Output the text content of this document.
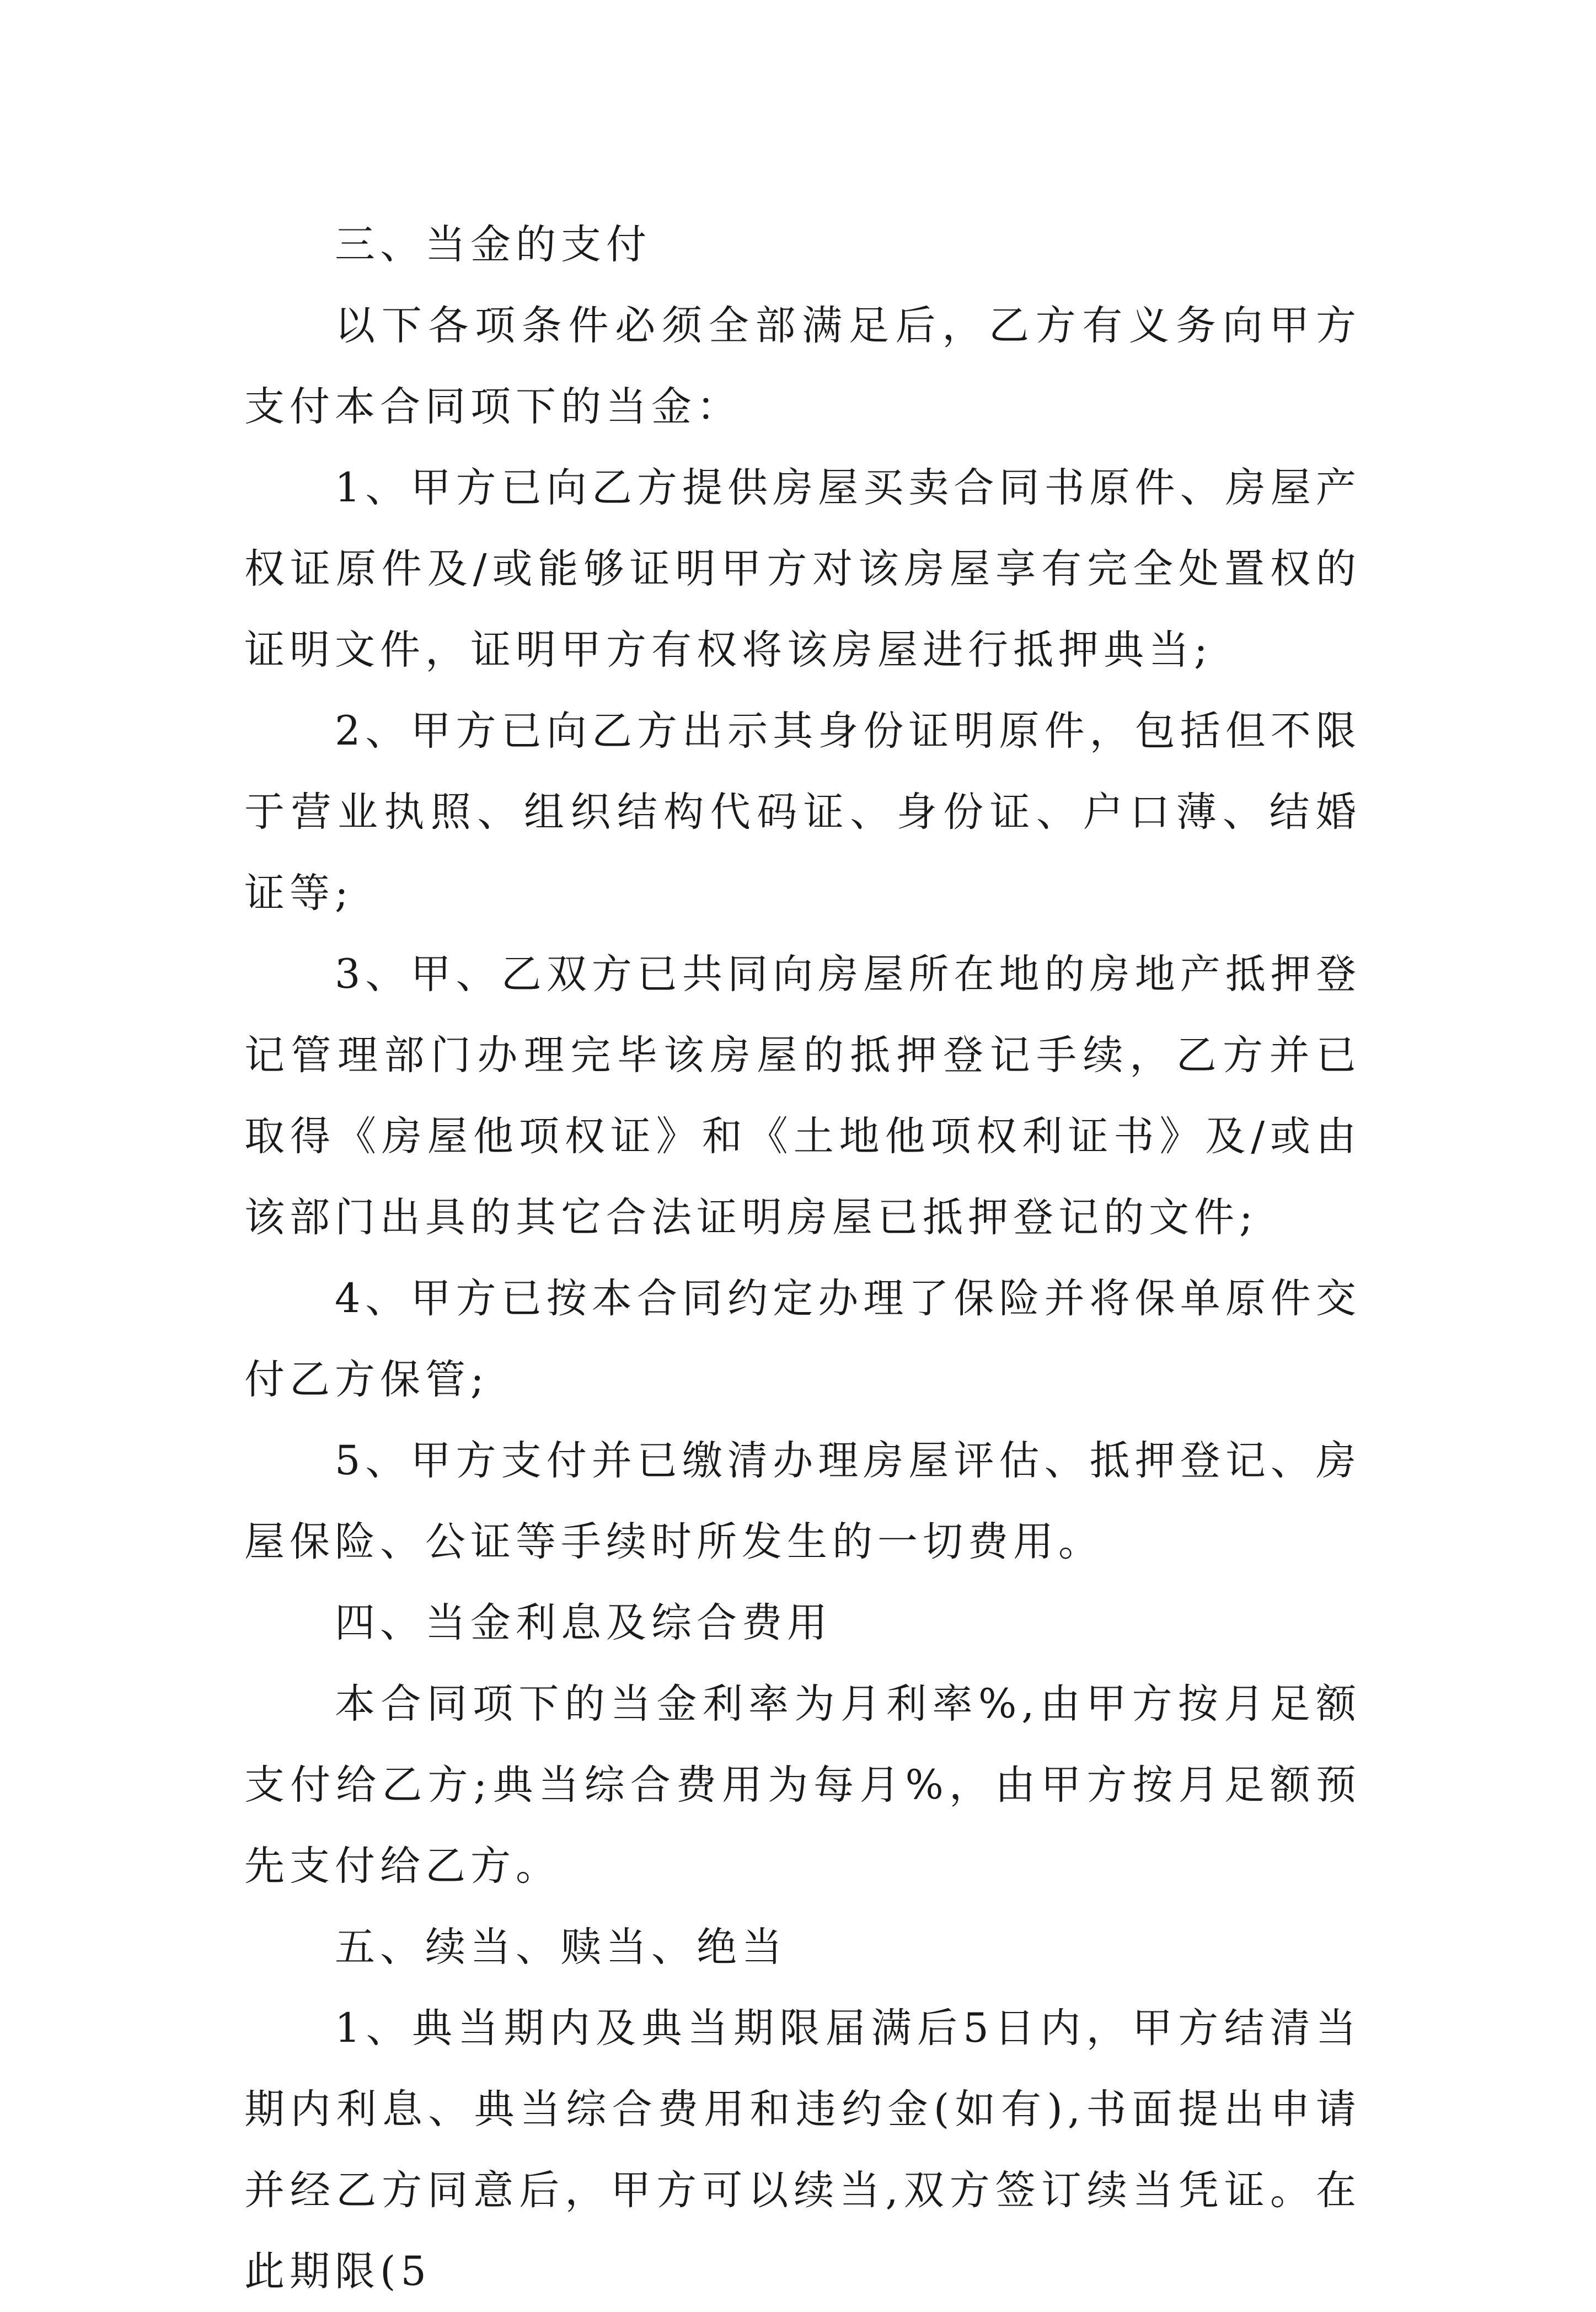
三、当金的支付

以下各项条件必须全部满足后，乙方有义务向甲方支付本合同项下的当金：

1、甲方已向乙方提供房屋买卖合同书原件、房屋产权证原件及/或能够证明甲方对该房屋享有完全处置权的证明文件，证明甲方有权将该房屋进行抵押典当;

2、甲方已向乙方出示其身份证明原件，包括但不限于营业执照、组织结构代码证、身份证、户口薄、结婚证等;

3、甲、乙双方已共同向房屋所在地的房地产抵押登记管理部门办理完毕该房屋的抵押登记手续，乙方并已取得《房屋他项权证》和《土地他项权利证书》及/或由该部门出具的其它合法证明房屋已抵押登记的文件;

4、甲方已按本合同约定办理了保险并将保单原件交付乙方保管;

5、甲方支付并已缴清办理房屋评估、抵押登记、房屋保险、公证等手续时所发生的一切费用。

四、当金利息及综合费用

本合同项下的当金利率为月利率%,由甲方按月足额支付给乙方;典当综合费用为每月%，由甲方按月足额预先支付给乙方。

五、续当、赎当、绝当

1、典当期内及典当期限届满后5日内，甲方结清当期内利息、典当综合费用和违约金(如有),书面提出申请并经乙方同意后，甲方可以续当,双方签订续当凭证。在此期限(5
